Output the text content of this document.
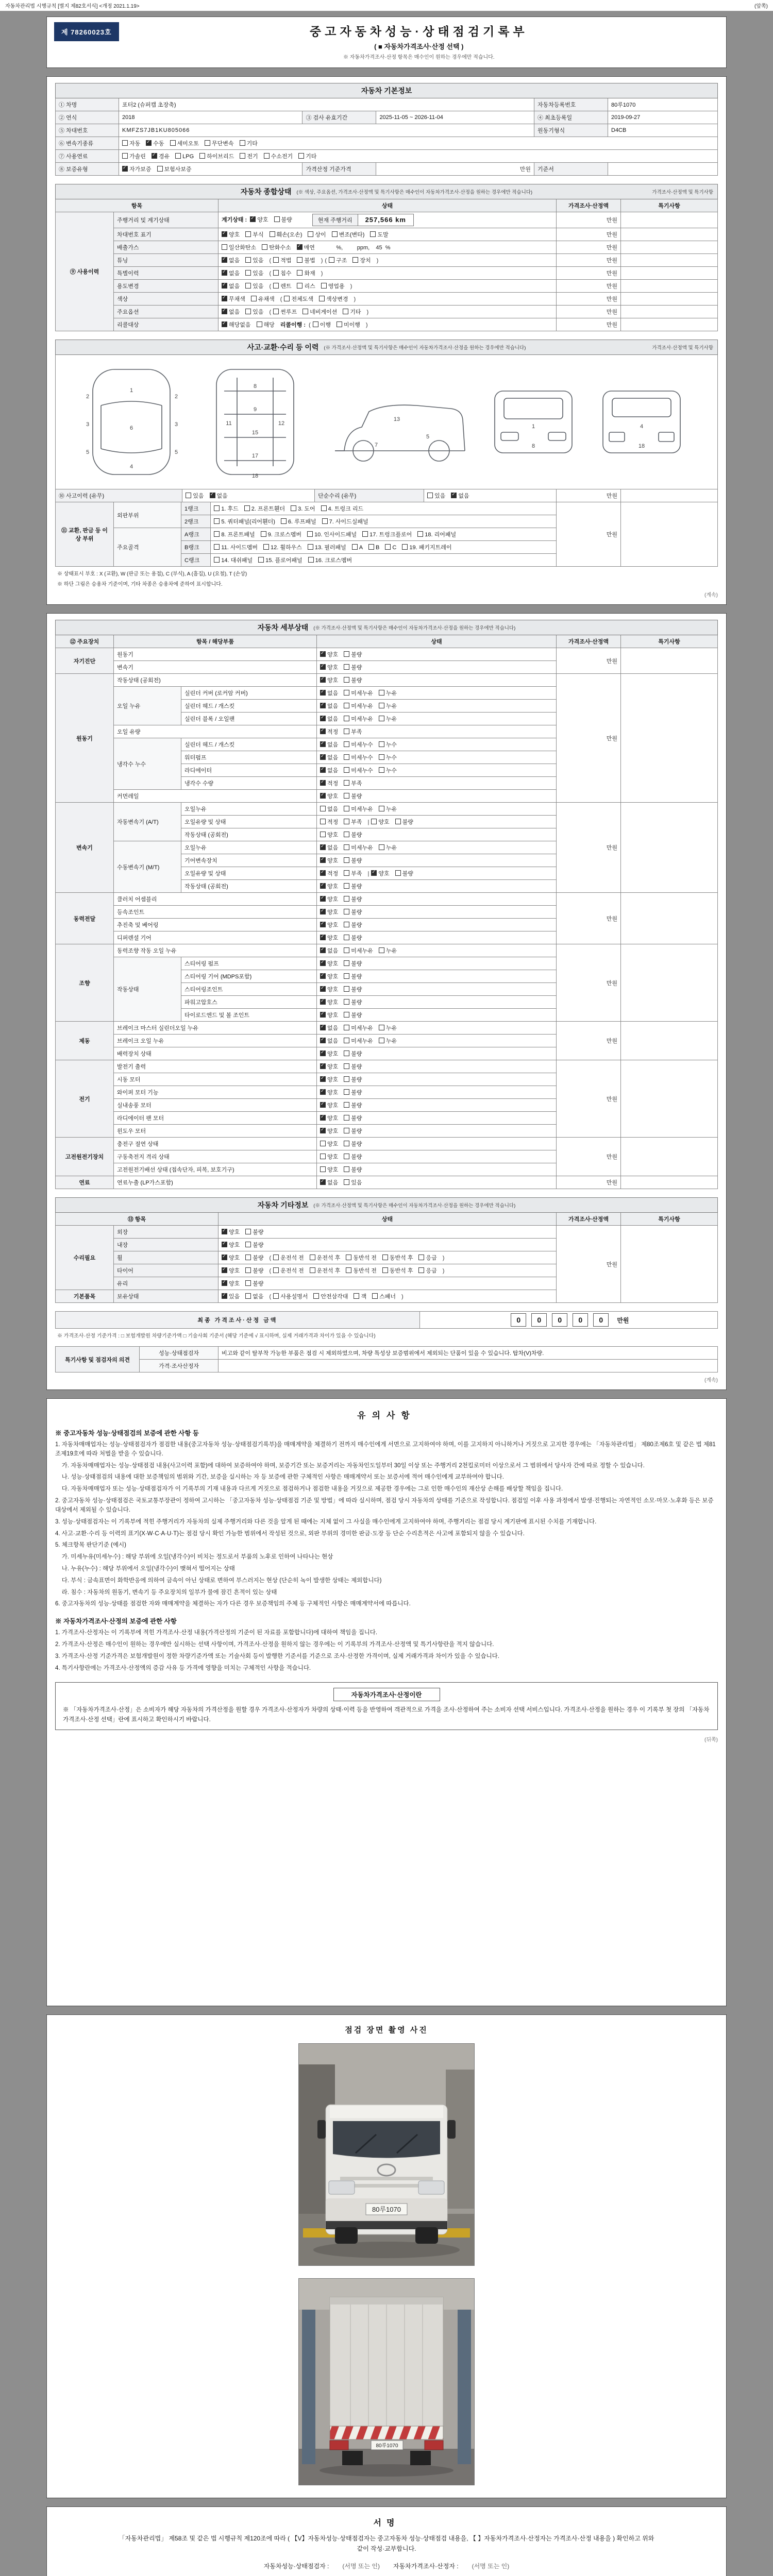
자동차관리법 시행규칙 [별지 제82호서식] <개정 2021.1.19>	(앞쪽)
제 78260023호	중고자동차성능·상태점검기록부
( ■ 자동차가격조사·산정 선택 )
※ 자동차가격조사·산정 항목은 매수인이 원하는 경우에만 적습니다.
자동차 기본정보
① 차명	포터2 (슈퍼캡 초장축)			자동차등록번호	80루1070
② 연식	2018	③ 검사 유효기간	2025-11-05 ~ 2026-11-04	④ 최초등록일	2019-09-27
⑤ 차대번호	KMFZS7JB1KU805066			원동기형식	D4CB
⑥ 변속기종류	자동 ✓ 수동 세미오토 무단변속 기타
⑦ 사용연료	가솔린 ✓ 경유 LPG 하이브리드 전기 수소전기 기타
⑧ 보증유형	✓자가보증 보험사보증	가격산정 기준가격	만원	기준서	
자동차 종합상태 (※ 색상, 주요옵션, 가격조사·산정액 및 특기사항은 매수인이 자동차가격조사·산정을 원하는 경우에만 적습니다)	가격조사·산정액 및 특기사항
항목		상태	가격조사·산정액	특기사항
⑨ 사용이력	주행거리 및 계기상태	계기상태 : ✓ 양호 불량 현재 주행거리 257,566 km	만원	
	차대번호 표기	✓양호 부식 훼손(오손) 상이 변조(변타) 도말	만원	
	배출가스	일산화탄소 탄화수소 ✓ 매연        %,         ppm,    45  %	만원	
	튜닝	✓없음 있음 ( 적법 불법 ) ( 구조 장치 )	만원	
	특별이력	✓없음 있음 ( 침수 화재 )	만원	
	용도변경	✓없음 있음 ( 렌트 리스 영업용 )	만원	
	색상	✓무채색 유채색 ( 전체도색 색상변경 )	만원	
	주요옵션	✓없음 있음 ( 썬루프 네비게이션 기타 )	만원	
	리콜대상	✓해당없음 해당 리콜이행 : ( 이행 미이행 )	만원	
사고·교환·수리 등 이력 (※ 가격조사·산정액 및 특기사항은 매수인이 자동차가격조사·산정을 원하는 경우에만 적습니다)	가격조사·산정액 및 특기사항
1
6
4
2
3
5
2
3
5
8
9
15
17
11	12
18
13
7
5
1
8
4
18
⑩ 사고이력 (유무)	있음 ✓ 없음	단순수리 (유무)	있음 ✓ 없음	만원	
⑪ 교환, 판금 등 이상 부위	외판부위	1랭크	1. 후드 2. 프론트휀더 3. 도어 4. 트렁크 리드	만원	
		2랭크	5. 쿼터패널(리어휀더) 6. 루프패널 7. 사이드실패널		
	주요골격	A랭크	8. 프론트패널 9. 크로스멤버 10. 인사이드패널 17. 트렁크플로어 18. 리어패널		
		B랭크	11. 사이드멤버 12. 휠하우스 13. 필러패널 A B C 19. 패키지트레이		
		C랭크	14. 대쉬패널 15. 플로어패널 16. 크로스멤버		
※ 상태표시 부호 : X (교환), W (판금 또는 용접), C (부식), A (흠집), U (요철), T (손상)
※ 하단 그림은 승용차 기준이며, 기타 차종은 승용차에 준하여 표시합니다.
(계속)
자동차 세부상태 (※ 가격조사·산정액 및 특기사항은 매수인이 자동차가격조사·산정을 원하는 경우에만 적습니다)
⑫ 주요장치	항목 / 해당부품		상태	가격조사·산정액	특기사항
자기진단	원동기	✓양호 불량	만원	
	변속기	✓양호 불량
원동기	작동상태 (공회전)	✓양호 불량	만원	
	오일 누유	실린더 커버 (로커암 커버)	✓없음 미세누유 누유
		실린더 헤드 / 개스킷	✓없음 미세누유 누유
		실린더 블록 / 오일팬	✓없음 미세누유 누유
	오일 유량	✓적정 부족
	냉각수 누수	실린더 헤드 / 개스킷	✓없음 미세누수 누수
		워터펌프	✓없음 미세누수 누수
		라디에이터	✓없음 미세누수 누수
		냉각수 수량	✓적정 부족
	커먼레일	✓양호 불량
변속기	자동변속기 (A/T)	오일누유	없음 미세누유 누유	만원	
		오일유량 및 상태	적정 부족 | 양호 불량		
		작동상태 (공회전)	양호 불량		
	수동변속기 (M/T)	오일누유	✓없음 미세누유 누유
		기어변속장치	✓양호 불량
		오일유량 및 상태	✓적정 부족 | ✓ 양호 불량
		작동상태 (공회전)	✓양호 불량
동력전달	클러치 어셈블리	✓양호 불량	만원	
	등속조인트	✓양호 불량
	추진축 및 베어링	✓양호 불량
	디퍼렌셜 기어	✓양호 불량
조향	동력조향 작동 오일 누유	✓없음 미세누유 누유	만원	
	작동상태	스티어링 펌프	✓양호 불량
		스티어링 기어 (MDPS포함)	✓양호 불량
		스티어링조인트	✓양호 불량
		파워고압호스	✓양호 불량
		타이로드엔드 및 볼 조인트	✓양호 불량
제동	브레이크 마스터 실린더오일 누유	✓없음 미세누유 누유	만원	
	브레이크 오일 누유	✓없음 미세누유 누유
	배력장치 상태	✓양호 불량
전기	발전기 출력	✓양호 불량	만원	
	시동 모터	✓양호 불량
	와이퍼 모터 기능	✓양호 불량
	실내송풍 모터	✓양호 불량
	라디에이터 팬 모터	✓양호 불량
	윈도우 모터	✓양호 불량
고전원전기장치	충전구 절연 상태		양호 불량	만원	
	구동축전지 격리 상태		양호 불량		
	고전원전기배선 상태 (접속단자, 피복, 보호기구)		양호 불량		
연료	연료누출 (LP가스포함)	✓없음 있음	만원	
자동차 기타정보 (※ 가격조사·산정액 및 특기사항은 매수인이 자동차가격조사·산정을 원하는 경우에만 적습니다)
⑬ 항목		상태	가격조사·산정액	특기사항
수리필요	외장	✓양호 불량	만원	
	내장	✓양호 불량
	휠	✓양호 불량 ( 운전석 전 운전석 후 동반석 전 동반석 후 응급 )
	타이어	✓양호 불량 ( 운전석 전 운전석 후 동반석 전 동반석 후 응급 )
	유리	✓양호 불량
기본품목	보유상태	✓있음 없음 ( 사용설명서 안전삼각대 잭 스패너 )
최종 가격조사·산정 금액	0 0 0 0 0 만원
※ 가격조사·산정 기준가격 : □ 보험개발원 차량기준가액 □ 기술사회 기준서 (해당 기준에 √ 표시하며, 실제 거래가격과 차이가 있을 수 있습니다)
특기사항 및 점검자의 의견	성능·상태점검자	비고와 같이 탈부착 가능한 부품은 점검 시 제외하였으며, 차량 특성상 보증범위에서 제외되는 단품이 있을 수 있습니다. 탑차(V)차량.
	가격·조사산정자	
(계속)
유의사항
※ 중고자동차 성능·상태점검의 보증에 관한 사항 등
1. 자동차매매업자는 성능·상태점검자가 점검한 내용(중고자동차 성능·상태점검기록부)을 매매계약을 체결하기 전까지 매수인에게 서면으로 고지하여야 하며, 이를 고지하지 아니하거나 거짓으로 고지한 경우에는 「자동차관리법」 제80조제6호 및 같은 법 제81조제19호에 따라 처벌을 받을 수 있습니다.
가. 자동차매매업자는 성능·상태점검 내용(사고이력 포함)에 대하여 보증하여야 하며, 보증기간 또는 보증거리는 자동차인도일부터 30일 이상 또는 주행거리 2천킬로미터 이상으로서 그 범위에서 당사자 간에 따로 정할 수 있습니다.
나. 성능·상태점검의 내용에 대한 보증책임의 범위와 기간, 보증을 실시하는 자 등 보증에 관한 구체적인 사항은 매매계약서 또는 보증서에 적어 매수인에게 교부하여야 합니다.
다. 자동차매매업자 또는 성능·상태점검자가 이 기록부의 기재 내용과 다르게 거짓으로 점검하거나 점검한 내용을 거짓으로 제공한 경우에는 그로 인한 매수인의 재산상 손해를 배상할 책임을 집니다.
2. 중고자동차 성능·상태점검은 국토교통부장관이 정하여 고시하는 「중고자동차 성능·상태점검 기준 및 방법」에 따라 실시하며, 점검 당시 자동차의 상태를 기준으로 작성합니다. 점검일 이후 사용 과정에서 발생·진행되는 자연적인 소모·마모·노후화 등은 보증 대상에서 제외될 수 있습니다.
3. 성능·상태점검자는 이 기록부에 적힌 주행거리가 자동차의 실제 주행거리와 다른 것을 알게 된 때에는 지체 없이 그 사실을 매수인에게 고지하여야 하며, 주행거리는 점검 당시 계기판에 표시된 수치를 기재합니다.
4. 사고·교환·수리 등 이력의 표기(X·W·C·A·U·T)는 점검 당시 확인 가능한 범위에서 작성된 것으로, 외판 부위의 경미한 판금·도장 등 단순 수리흔적은 사고에 포함되지 않을 수 있습니다.
5. 체크항목 판단기준 (예시)
가. 미세누유(미세누수) : 해당 부위에 오일(냉각수)이 비치는 정도로서 부품의 노후로 인하여 나타나는 현상
나. 누유(누수) : 해당 부위에서 오일(냉각수)이 맺혀서 떨어지는 상태
다. 부식 : 금속표면이 화학반응에 의하여 금속이 아닌 상태로 변하여 부스러지는 현상 (단순히 녹이 발생한 상태는 제외합니다)
라. 침수 : 자동차의 원동기, 변속기 등 주요장치의 일부가 물에 잠긴 흔적이 있는 상태
6. 중고자동차의 성능·상태를 점검한 자와 매매계약을 체결하는 자가 다른 경우 보증책임의 주체 등 구체적인 사항은 매매계약서에 따릅니다.
※ 자동차가격조사·산정의 보증에 관한 사항
1. 가격조사·산정자는 이 기록부에 적힌 가격조사·산정 내용(가격산정의 기준이 된 자료를 포함합니다)에 대하여 책임을 집니다.
2. 가격조사·산정은 매수인이 원하는 경우에만 실시하는 선택 사항이며, 가격조사·산정을 원하지 않는 경우에는 이 기록부의 가격조사·산정액 및 특기사항란을 적지 않습니다.
3. 가격조사·산정 기준가격은 보험개발원이 정한 차량기준가액 또는 기술사회 등이 발행한 기준서를 기준으로 조사·산정한 가격이며, 실제 거래가격과 차이가 있을 수 있습니다.
4. 특기사항란에는 가격조사·산정액의 증감 사유 등 가격에 영향을 미치는 구체적인 사항을 적습니다.
자동차가격조사·산정이란
※ 「자동차가격조사·산정」은 소비자가 해당 자동차의 가격산정을 원할 경우 가격조사·산정자가 차량의 상태·이력 등을 반영하여 객관적으로 가격을 조사·산정하여 주는 소비자 선택 서비스입니다. 가격조사·산정을 원하는 경우 이 기록부 첫 장의 「자동차가격조사·산정 선택」란에 표시하고 확인하시기 바랍니다.
(뒤쪽)
점검 장면 촬영 사진
80루1070
80루1070
서명
「자동차관리법」 제58조 및 같은 법 시행규칙 제120조에 따라 ( 【V】자동차성능·상태점검자는 중고자동차 성능·상태점검 내용을, 【 】자동차가격조사·산정자는 가격조사·산정 내용을 ) 확인하고 위와 같이 작성·교부합니다.
자동차성능·상태점검자 : (서명 또는 인) 자동차가격조사·산정자 : (서명 또는 인)
